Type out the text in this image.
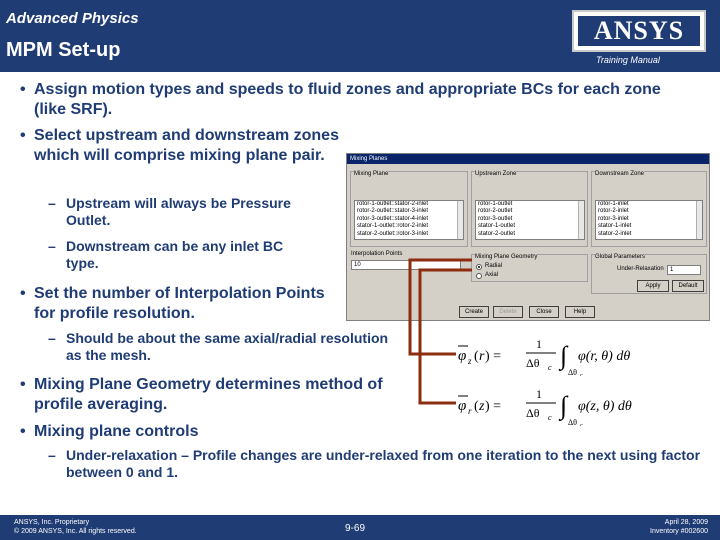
Advanced Physics
MPM Set-up
ANSYS
Training Manual
• Assign motion types and speeds to fluid zones and appropriate BCs for each zone (like SRF).
• Select upstream and downstream zones which will comprise mixing plane pair.
– Upstream will always be Pressure Outlet.
– Downstream can be any inlet BC type.
• Set the number of Interpolation Points for profile resolution.
– Should be about the same axial/radial resolution as the mesh.
• Mixing Plane Geometry determines method of profile averaging.
• Mixing plane controls
– Under-relaxation – Profile changes are under-relaxed from one iteration to the next using factor between 0 and 1.
Mixing Planes
Mixing Plane
rotor-1-outlet::stator-2-inlet
rotor-2-outlet::stator-3-inlet
rotor-3-outlet::stator-4-inlet
stator-1-outlet::rotor-2-inlet
stator-2-outlet::rotor-3-inlet
Upstream Zone
rotor-1-outlet
rotor-2-outlet
rotor-3-outlet
stator-1-outlet
stator-2-outlet
Downstream Zone
rotor-1-inlet
rotor-2-inlet
rotor-3-inlet
stator-1-inlet
stator-2-inlet
Interpolation Points
10
Mixing Plane Geometry
Radial
Axial
Global Parameters
Under-Relaxation	1
Apply	Default
Create	Delete	Close	Help
φ z ( r ) =
1
Δθ c ∫
Δθ c
φ(r, θ) dθ
φ r ( z ) =
1
Δθ c ∫
Δθ c
φ(z, θ) dθ
ANSYS, Inc. Proprietary
© 2009 ANSYS, Inc. All rights reserved.	9-69
April 28, 2009
Inventory #002600
